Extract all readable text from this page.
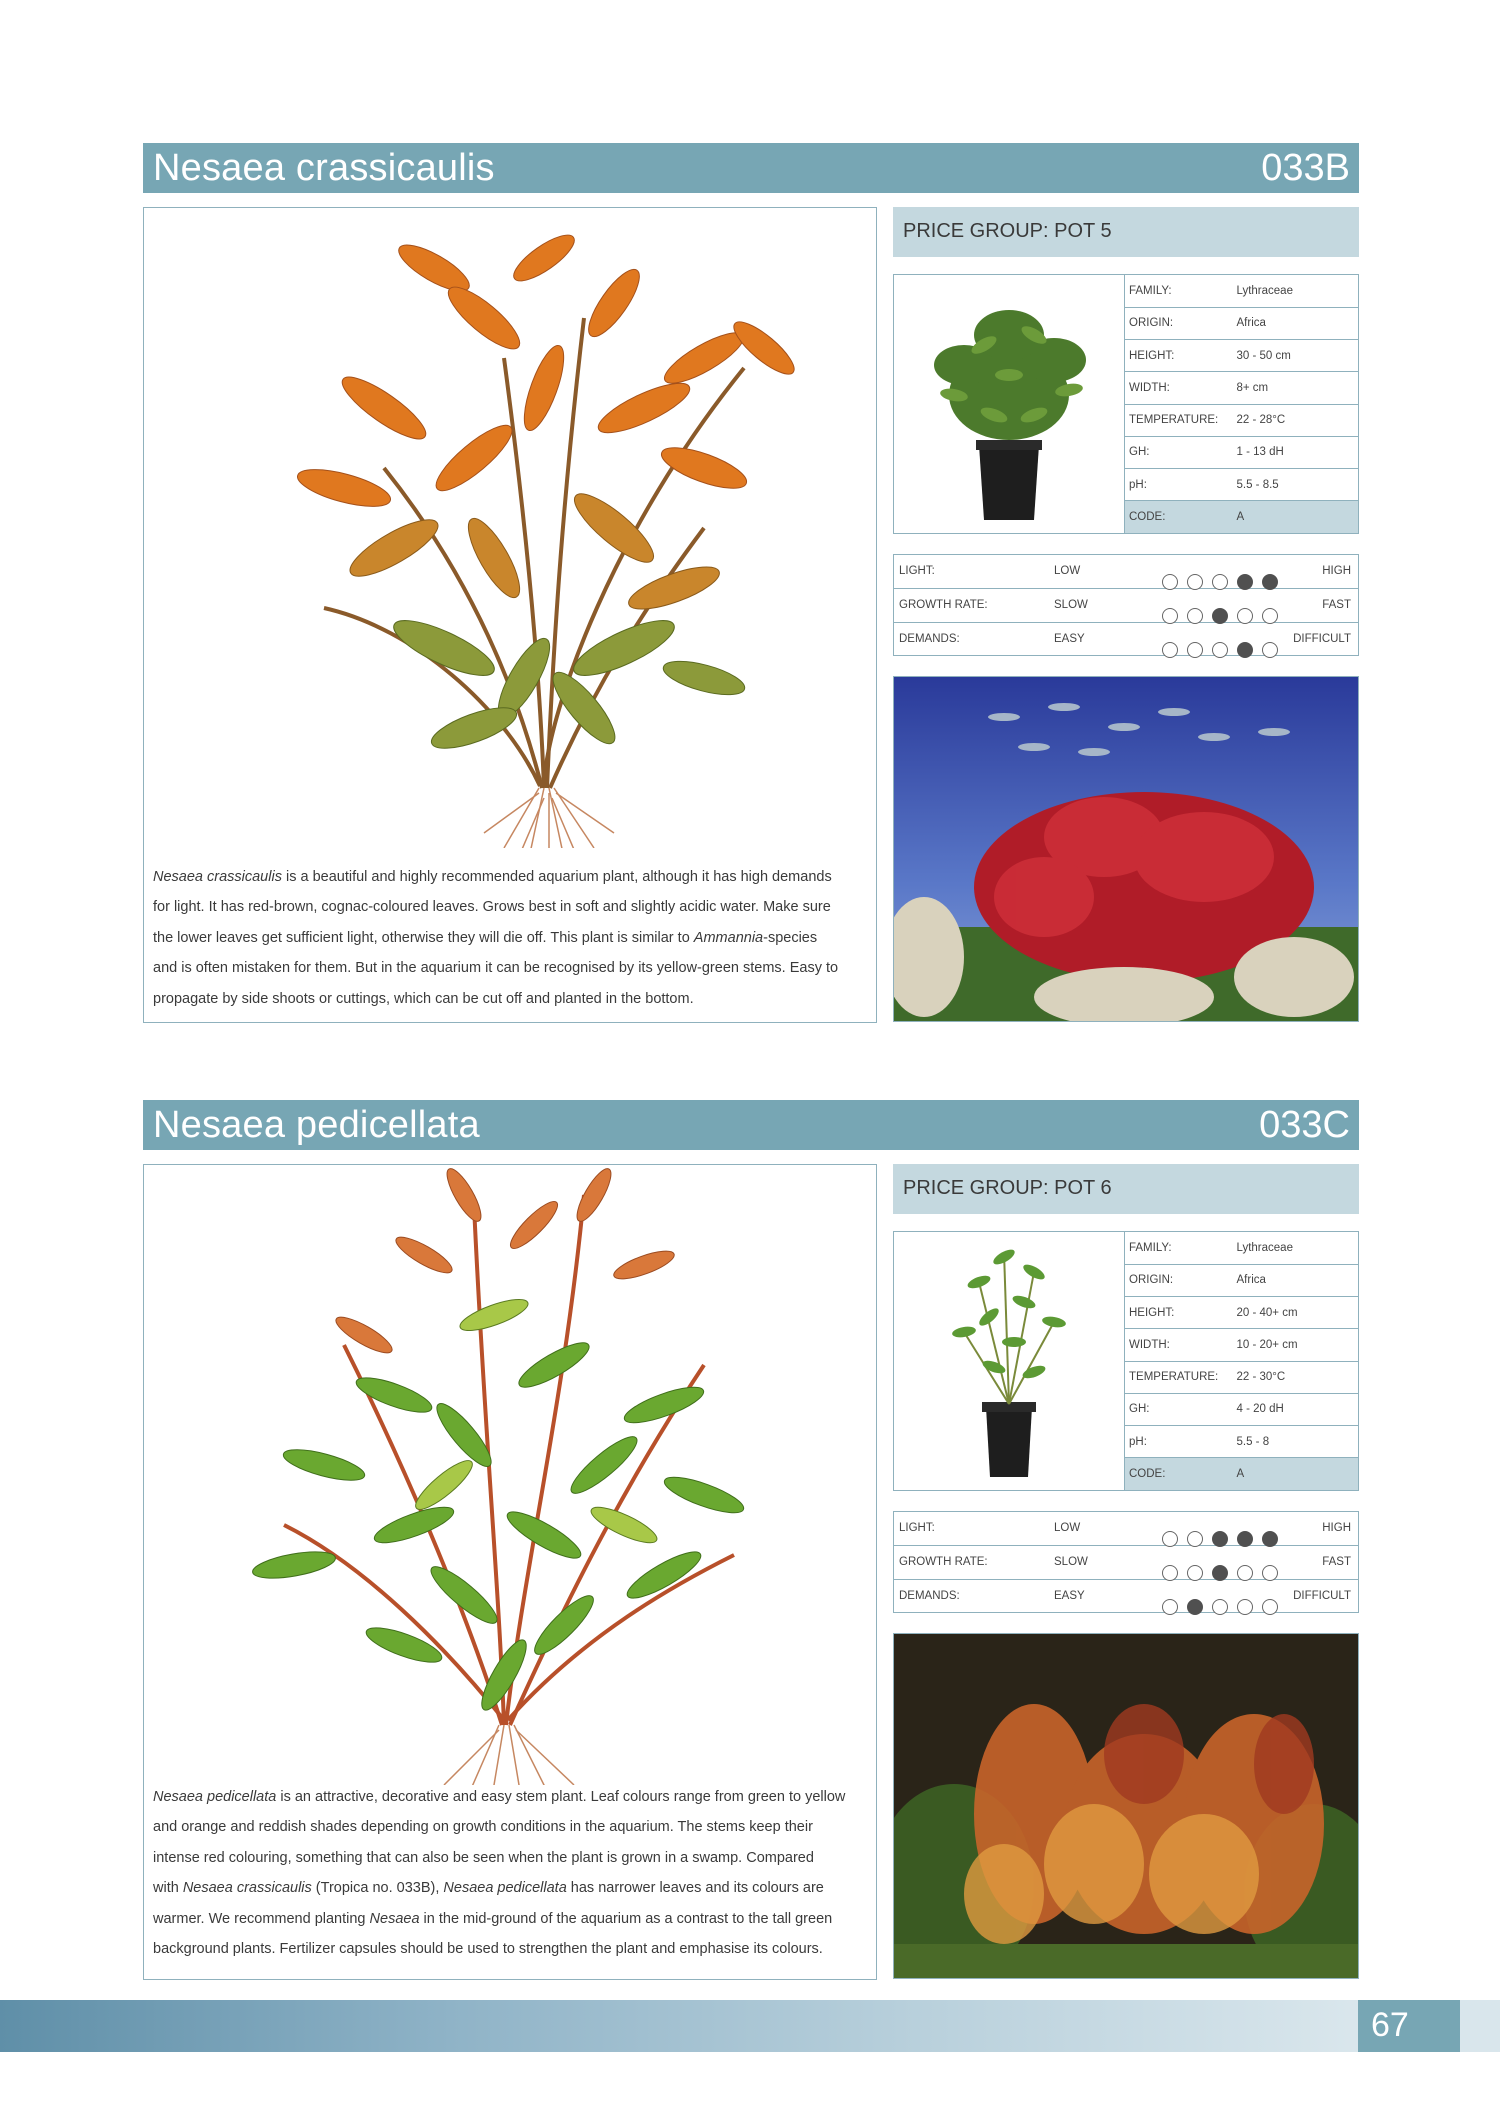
Nesaea crassicaulis	033B
Nesaea crassicaulis is a beautiful and highly recommended aquarium plant, although it has high demands
for light. It has red-brown, cognac-coloured leaves. Grows best in soft and slightly acidic water. Make sure
the lower leaves get sufficient light, otherwise they will die off. This plant is similar to Ammannia-species
and is often mistaken for them. But in the aquarium it can be recognised by its yellow-green stems. Easy to
propagate by side shoots or cuttings, which can be cut off and planted in the bottom.
PRICE GROUP: POT 5
FAMILY:	Lythraceae
ORIGIN:	Africa
HEIGHT:	30 - 50 cm
WIDTH:	8+ cm
TEMPERATURE:	22 - 28°C
GH:	1 - 13 dH
pH:	5.5 - 8.5
CODE:	A
LIGHT:	LOW	HIGH
GROWTH RATE:	SLOW	FAST
DEMANDS:	EASY	DIFFICULT
Nesaea pedicellata	033C
Nesaea pedicellata is an attractive, decorative and easy stem plant. Leaf colours range from green to yellow
and orange and reddish shades depending on growth conditions in the aquarium. The stems keep their
intense red colouring, something that can also be seen when the plant is grown in a swamp. Compared
with Nesaea crassicaulis (Tropica no. 033B), Nesaea pedicellata has narrower leaves and its colours are
warmer. We recommend planting Nesaea in the mid-ground of the aquarium as a contrast to the tall green
background plants. Fertilizer capsules should be used to strengthen the plant and emphasise its colours.
PRICE GROUP: POT 6
FAMILY:	Lythraceae
ORIGIN:	Africa
HEIGHT:	20 - 40+ cm
WIDTH:	10 - 20+ cm
TEMPERATURE:	22 - 30°C
GH:	4 - 20 dH
pH:	5.5 - 8
CODE:	A
LIGHT:	LOW	HIGH
GROWTH RATE:	SLOW	FAST
DEMANDS:	EASY	DIFFICULT
67
